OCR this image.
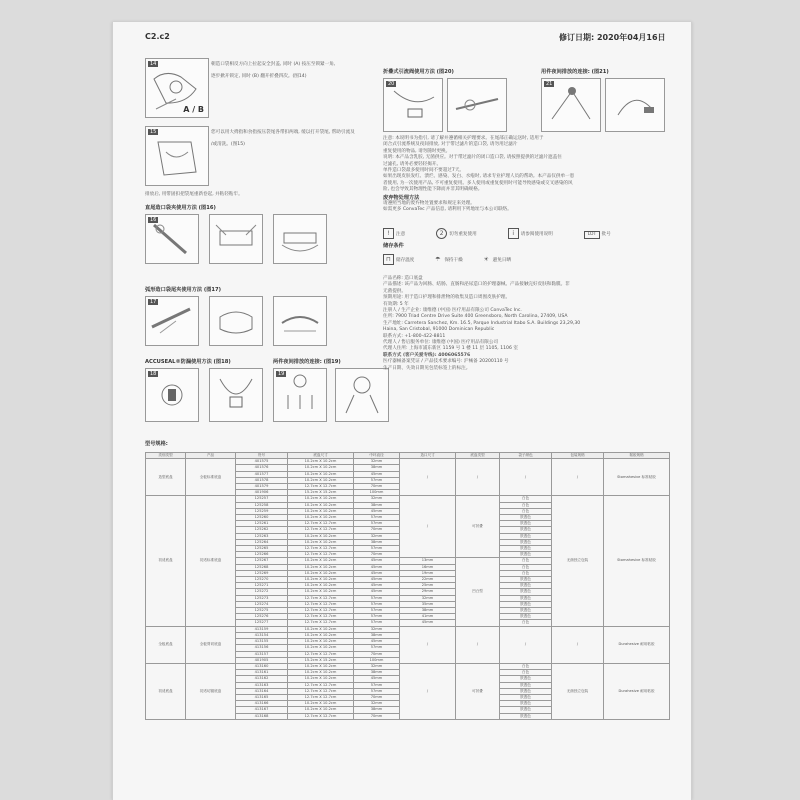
C2.c2	修订日期: 2020年04月16日
14
A / B
朝造口袋相反方向上拉起安全封盖, 同时 (A) 按压至锁紧一角,
逐步掀开锁定, 同时 (B) 翻开折叠四次。(图14)
15	您可以用大拇指和食指按压袋尾各带扣两端, 缓以打开袋尾, 帮助引流及
/或清洗。(图15)
排放后, 用带固扣把袋尾重新卷起, 并粘轻粘牢。
直尾造口袋夹使用方法 (图16)
16
弧形造口袋尾夹使用方法 (图17)
17
ACCUSEAL®防漏使用方法 (图18)	两件夜间排放的连接: (图19)
18	19
折叠式引流阀使用方法 (图20)	用件夜间排放的连接: (图21)
20	21
注意: 本说明书为指引, 请了解并遵循相关护理要求。在尾部正确运送时, 适用于
闭合式引流系统及夜间排放, 对于带过滤片的造口袋, 请勿用过滤片
重复使用的物品, 请勿随时更换。
说明: 本产品含乳胶, 无菌供应。对于带过滤片的闭口造口袋, 请按照提供的过滤片遮盖住
过滤孔, 请务必要轻轻揭开。
单件造口袋最多使用时间不要超过7天。
如果出现皮肤发红、溃烂、感染、发白、水疱时, 请求专业护理人员的帮助。本产品仅供单一患
者使用, 为一次使用产品, 不可重复使用。多人使用或重复使用时可能导致感染或交叉感染的风
险, 也会导致其物理性能下降而并非其明确规格。
废弃物处理方法
请遵照当地的废弃物处置要求和规定来处理。
如需更多 ConvaTec 产品信息, 请利用下列地址与本公司联络。
! 注意	2 切勿重复使用	i 请参阅使用说明	LOT 批号
储存条件
⊓ 储存温度	☂ 保持干燥	☀ 避免日晒
产品名称: 造口底盘
产品描述: 该产品为回肠、结肠、直肠和泌尿造口的护理器械。产品接触完好皮肤和黏膜。非
无菌提供。
预期用途: 用于造口护理和排泄物的收集及造口周围皮肤护理。
有效期: 5 年
注册人 / 生产企业: 康维德 (中国) 医疗用品有限公司 ConvaTec Inc.
住所: 7900 Triad Centre Drive Suite 400 Greensboro, North Carolina, 27409, USA
生产地址: Carretera Sanchez, Km. 16.5, Parque Industrial Itabo S.A. Buildings 23,29,30
Haina, San Cristobal, 91000 Dominican Republic
联系方式: +1-800-422-8811
代理人 / 售后服务单位: 康维德 (中国) 医疗用品有限公司
代理人住所: 上海市浦东新区 1159 号 1 楼 11 层 1105, 1106 室
联系方式 (客户关爱专线): 4006065576
医疗器械备案凭证 / 产品技术要求编号: 沪械备 20200110 号
生产日期、失效日期见包装标签上的标注。
型号规格:
类别类型	产品	货号	底盘尺寸	中环直径	造口尺寸	底盘类型	袋子颜色	包装规格	黏胶规格
造型底盘	全板标准底盘	401575	10.2cm X 10.2cm	32mm	/	/	/	/	Stomahesive 标准粘胶
		401576	10.2cm X 10.2cm	38mm					
		401577	10.2cm X 10.2cm	45mm					
		401578	10.2cm X 10.2cm	57mm					
		401579	12.7cm X 12.7cm	70mm					
		401906	15.2cm X 15.2cm	100mm					
初适底盘	初适标准底盘	125257	10.2cm X 10.2cm	32mm	/	可折叠	白色	无菌独立包装	Stomahesive 标准粘胶
		125258	10.2cm X 10.2cm	38mm			白色		
		125259	10.2cm X 10.2cm	45mm			白色		
		125260	10.2cm X 10.2cm	57mm			肤透色		
		125261	12.7cm X 12.7cm	57mm			肤透色		
		125262	12.7cm X 12.7cm	70mm			肤透色		
		125263	10.2cm X 10.2cm	32mm			肤透色		
		125264	10.2cm X 10.2cm	38mm			肤透色		
		125265	12.7cm X 12.7cm	57mm			肤透色		
		125266	12.7cm X 12.7cm	70mm			肤透色		
		125267	10.2cm X 10.2cm	45mm	13mm	凹凸型	白色		
		125268	10.2cm X 10.2cm	45mm	16mm		白色		
		125269	10.2cm X 10.2cm	45mm	19mm		白色		
		125270	10.2cm X 10.2cm	45mm	22mm		肤透色		
		125271	10.2cm X 10.2cm	45mm	25mm		肤透色		
		125272	10.2cm X 10.2cm	45mm	29mm		肤透色		
		125273	12.7cm X 12.7cm	57mm	32mm		肤透色		
		125274	12.7cm X 12.7cm	57mm	35mm		肤透色		
		125275	12.7cm X 12.7cm	57mm	38mm		肤透色		
		125276	12.7cm X 12.7cm	57mm	41mm		肤透色		
		125277	12.7cm X 12.7cm	57mm	45mm		白色		
全板底盘	全板剪切底盘	413159	10.2cm X 10.2cm	32mm	/	/	/	/	Durahesive 耐用粘胶
		413154	10.2cm X 10.2cm	38mm					
		413155	10.2cm X 10.2cm	45mm					
		413156	10.2cm X 10.2cm	57mm					
		413157	12.7cm X 12.7cm	70mm					
		401905	15.2cm X 15.2cm	100mm					
初适底盘	初适切割底盘	413160	10.2cm X 10.2cm	32mm	/	可折叠	白色	无菌独立包装	Durahesive 耐用粘胶
		413161	10.2cm X 10.2cm	38mm			白色		
		413162	10.2cm X 10.2cm	45mm			肤透色		
		413163	12.7cm X 12.7cm	57mm			肤透色		
		413164	12.7cm X 12.7cm	57mm			肤透色		
		413165	12.7cm X 12.7cm	70mm			肤透色		
		413166	10.2cm X 10.2cm	32mm			肤透色		
		413167	10.2cm X 10.2cm	38mm			肤透色		
		413168	12.7cm X 12.7cm	70mm			肤透色		
